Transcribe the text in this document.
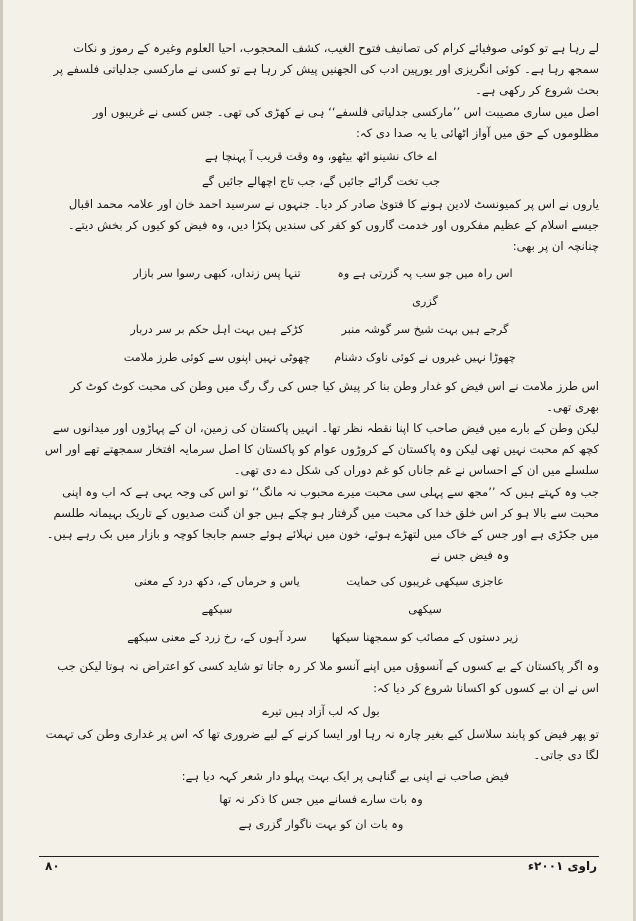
لے رہا ہے تو کوئی صوفیائے کرام کی تصانیف فتوح الغیب، کشف المحجوب، احیا العلوم وغیرہ کے رموز و نکات سمجھ رہا ہے۔ کوئی انگریزی اور یورپین ادب کی الجھنیں پیش کر رہا ہے تو کسی نے مارکسی جدلیاتی فلسفے پر بحث شروع کر رکھی ہے۔

اصل میں ساری مصیبت اس ’’مارکسی جدلیاتی فلسفے‘‘ ہی نے کھڑی کی تھی۔ جس کسی نے غریبوں اور مظلوموں کے حق میں آواز اٹھائی یا یہ صدا دی کہ:

اے خاک نشینو اٹھ بیٹھو، وہ وقت قریب آ پہنچا ہے

جب تخت گرائے جائیں گے، جب تاج اچھالے جائیں گے

یاروں نے اس پر کمیونسٹ لادین ہونے کا فتویٰ صادر کر دیا۔ جنہوں نے سرسید احمد خان اور علامہ محمد اقبال جیسے اسلام کے عظیم مفکروں اور خدمت گاروں کو کفر کی سندیں پکڑا دیں، وہ فیض کو کیوں کر بخش دیتے۔ چنانچہ ان پر بھی:

اس راہ میں جو سب پہ گزرتی ہے وہ گزری
تنہا پس زنداں، کبھی رسوا سر بازار
گرجے ہیں بہت شیخ سر گوشہ منبر
کڑکے ہیں بہت اہل حکم بر سر دربار
چھوڑا نہیں غیروں نے کوئی ناوک دشنام
چھوٹی نہیں اپنوں سے کوئی طرز ملامت

اس طرز ملامت نے اس فیض کو غدار وطن بنا کر پیش کیا جس کی رگ رگ میں وطن کی محبت کوٹ کوٹ کر بھری تھی۔

لیکن وطن کے بارے میں فیض صاحب کا اپنا نقطہ نظر تھا۔ انہیں پاکستان کی زمین، ان کے پہاڑوں اور میدانوں سے کچھ کم محبت نہیں تھی لیکن وہ پاکستان کے کروڑوں عوام کو پاکستان کا اصل سرمایہ افتخار سمجھتے تھے اور اس سلسلے میں ان کے احساس نے غم جاناں کو غم دوراں کی شکل دے دی تھی۔

جب وہ کہتے ہیں کہ ’’مجھ سے پہلی سی محبت میرے محبوب نہ مانگ‘‘ تو اس کی وجہ یہی ہے کہ اب وہ اپنی محبت سے بالا ہو کر اس خلق خدا کی محبت میں گرفتار ہو چکے ہیں جو ان گنت صدیوں کے تاریک بہیمانہ طلسم میں جکڑی ہے اور جس کے خاک میں لتھڑے ہوئے، خون میں نہلائے ہوئے جسم جابجا کوچہ و بازار میں بک رہے ہیں۔

وہ فیض جس نے

عاجزی سیکھی غریبوں کی حمایت سیکھی
یاس و حرماں کے، دکھ درد کے معنی سیکھے
زیر دستوں کے مصائب کو سمجھنا سیکھا
سرد آہوں کے، رخ زرد کے معنی سیکھے

وہ اگر پاکستان کے بے کسوں کے آنسوؤں میں اپنے آنسو ملا کر رہ جاتا تو شاید کسی کو اعتراض نہ ہوتا لیکن جب اس نے ان بے کسوں کو اکسانا شروع کر دیا کہ:

بول کہ لب آزاد ہیں تیرے

تو پھر فیض کو پابند سلاسل کیے بغیر چارہ نہ رہا اور ایسا کرنے کے لیے ضروری تھا کہ اس پر غداری وطن کی تہمت لگا دی جاتی۔

فیض صاحب نے اپنی بے گناہی پر ایک بہت پہلو دار شعر کہہ دیا ہے:

وہ بات سارے فسانے میں جس کا ذکر نہ تھا

وہ بات ان کو بہت ناگوار گزری ہے

۸۰	راوی ۲۰۰۱ء
